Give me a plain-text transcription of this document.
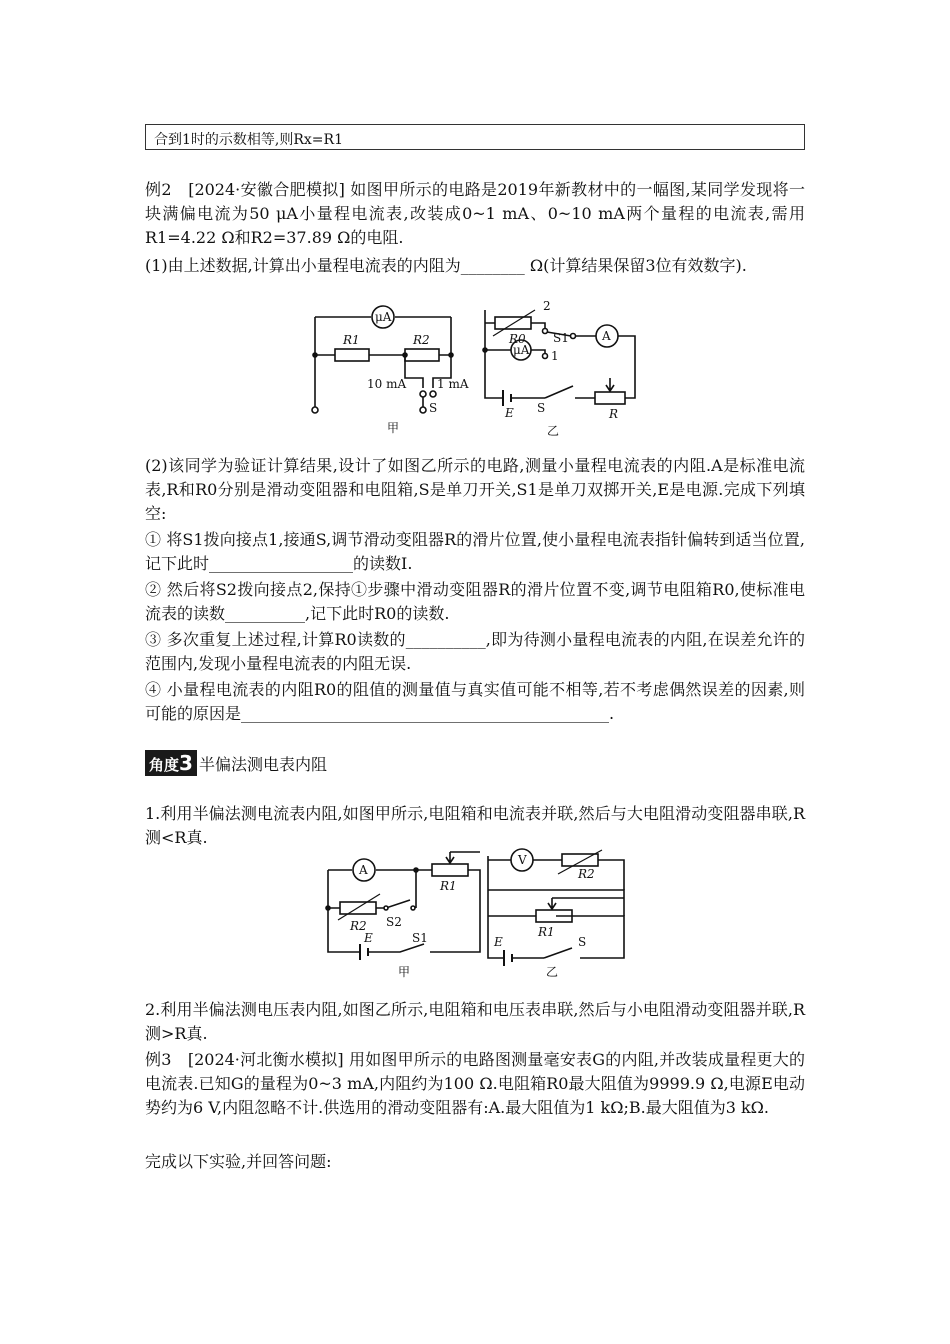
合到1时的示数相等,则Rx=R1
例2　[2024·安徽合肥模拟] 如图甲所示的电路是2019年新教材中的一幅图,某同学发现将一块满偏电流为50 μA小量程电流表,改装成0~1 mA、0~10 mA两个量程的电流表,需用R1=4.22 Ω和R2=37.89 Ω的电阻.
(1)由上述数据,计算出小量程电流表的内阻为________ Ω(计算结果保留3位有效数字).
μA
R1	R2
10 mA	1 mA
S
甲
2
R0 S1	A
μA 1
E S	R
乙
(2)该同学为验证计算结果,设计了如图乙所示的电路,测量小量程电流表的内阻.A是标准电流表,R和R0分别是滑动变阻器和电阻箱,S是单刀开关,S1是单刀双掷开关,E是电源.完成下列填空:
① 将S1拨向接点1,接通S,调节滑动变阻器R的滑片位置,使小量程电流表指针偏转到适当位置,记下此时__________________的读数I.
② 然后将S2拨向接点2,保持①步骤中滑动变阻器R的滑片位置不变,调节电阻箱R0,使标准电流表的读数__________,记下此时R0的读数.
③ 多次重复上述过程,计算R0读数的__________,即为待测小量程电流表的内阻,在误差允许的范围内,发现小量程电流表的内阻无误.
④ 小量程电流表的内阻R0的阻值的测量值与真实值可能不相等,若不考虑偶然误差的因素,则可能的原因是______________________________________________.
角度3 半偏法测电表内阻
1.利用半偏法测电流表内阻,如图甲所示,电阻箱和电流表并联,然后与大电阻滑动变阻器串联,R测<R真.
A
R1
R2 S2
E	S1
甲
V
R2
R1
E	S
乙
2.利用半偏法测电压表内阻,如图乙所示,电阻箱和电压表串联,然后与小电阻滑动变阻器并联,R测>R真.
例3　[2024·河北衡水模拟] 用如图甲所示的电路图测量毫安表G的内阻,并改装成量程更大的电流表.已知G的量程为0~3 mA,内阻约为100 Ω.电阻箱R0最大阻值为9999.9 Ω,电源E电动势约为6 V,内阻忽略不计.供选用的滑动变阻器有:A.最大阻值为1 kΩ;B.最大阻值为3 kΩ.
完成以下实验,并回答问题:
